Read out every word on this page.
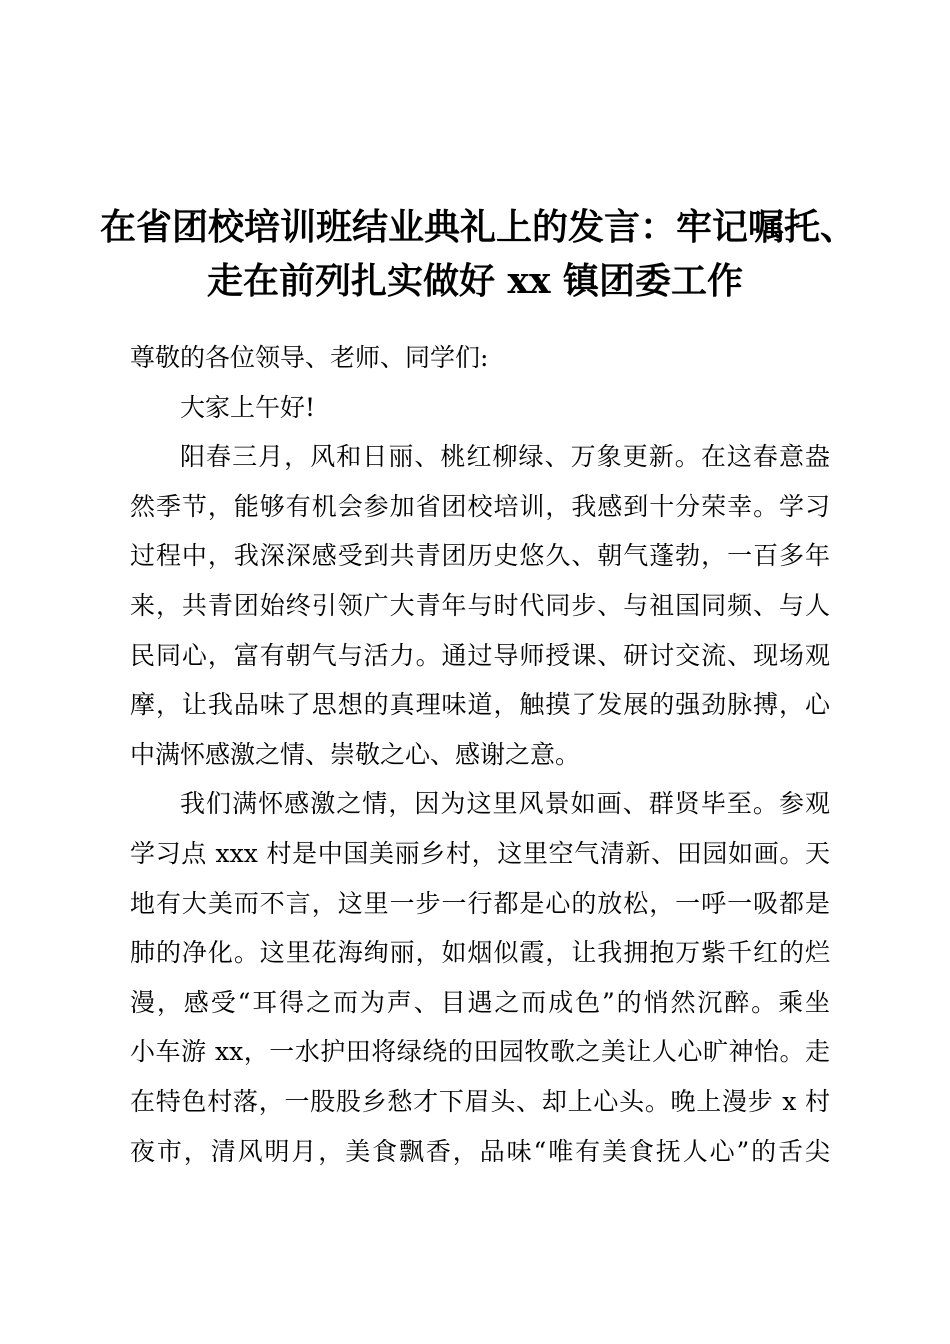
在省团校培训班结业典礼上的发言：牢记嘱托、
走在前列扎实做好 xx 镇团委工作
尊敬的各位领导、老师、同学们:
大家上午好!
阳春三月，风和日丽、桃红柳绿、万象更新。在这春意盎
然季节，能够有机会参加省团校培训，我感到十分荣幸。学习
过程中，我深深感受到共青团历史悠久、朝气蓬勃，一百多年
来，共青团始终引领广大青年与时代同步、与祖国同频、与人
民同心，富有朝气与活力。通过导师授课、研讨交流、现场观
摩，让我品味了思想的真理味道，触摸了发展的强劲脉搏，心
中满怀感激之情、崇敬之心、感谢之意。
我们满怀感激之情，因为这里风景如画、群贤毕至。参观
学习点 xxx 村是中国美丽乡村，这里空气清新、田园如画。天
地有大美而不言，这里一步一行都是心的放松，一呼一吸都是
肺的净化。这里花海绚丽，如烟似霞，让我拥抱万紫千红的烂
漫，感受“耳得之而为声、目遇之而成色”的悄然沉醉。乘坐
小车游 xx，一水护田将绿绕的田园牧歌之美让人心旷神怡。走
在特色村落，一股股乡愁才下眉头、却上心头。晚上漫步 x 村
夜市，清风明月，美食飘香，品味“唯有美食抚人心”的舌尖
